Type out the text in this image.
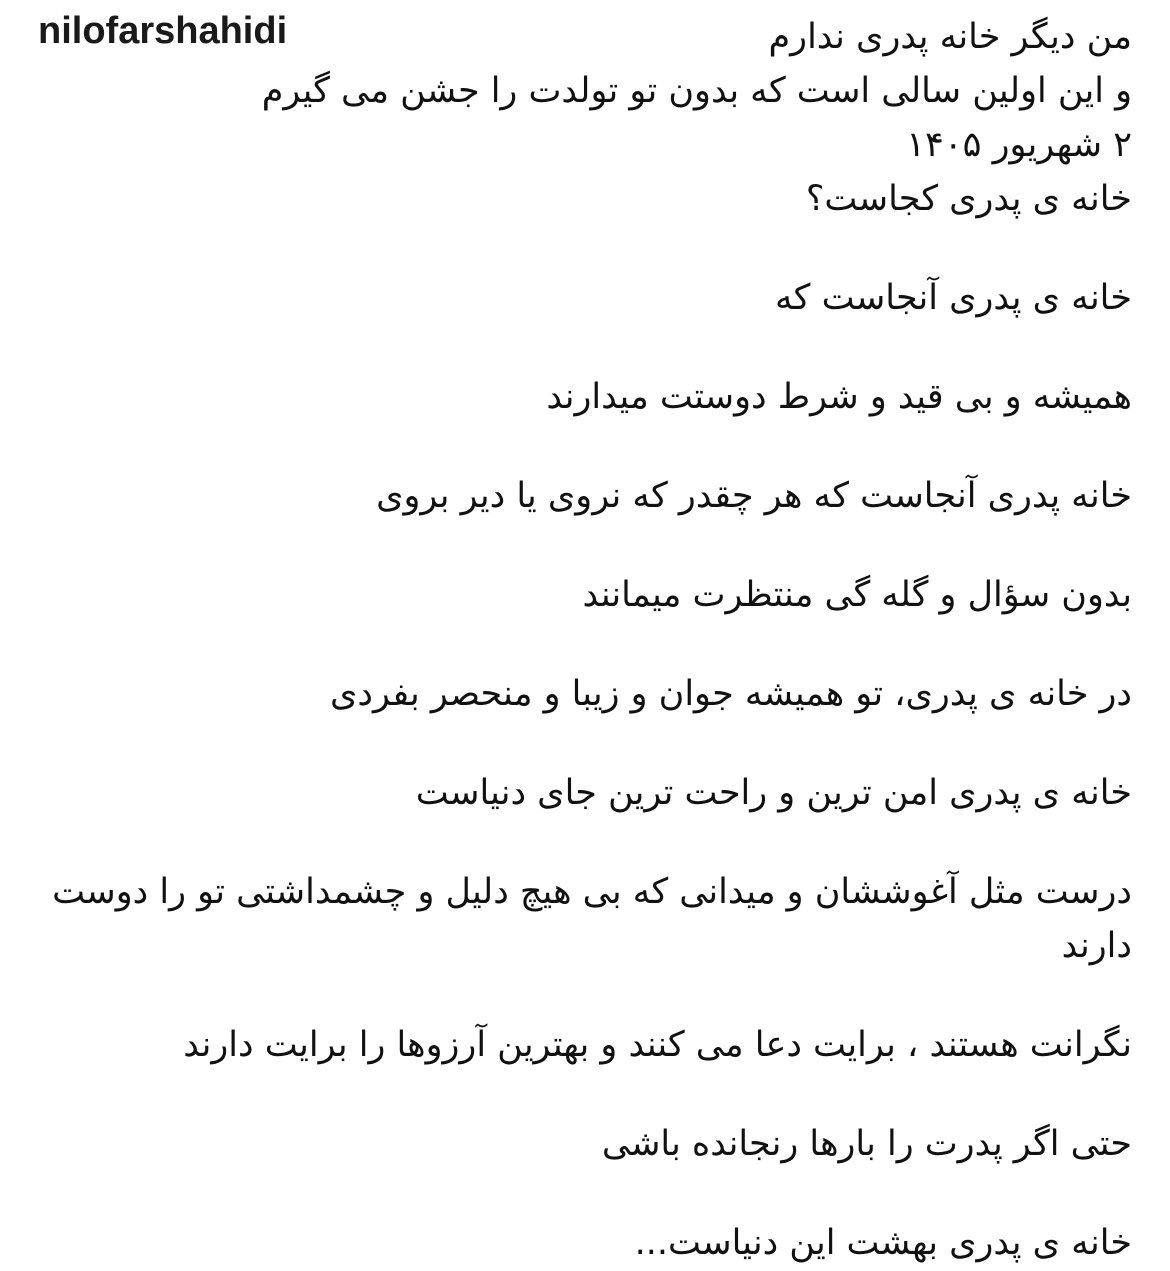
nilofarshahidi	من دیگر خانه پدری ندارم
و این اولین سالی است که بدون تو تولدت را جشن می گیرم
۲ شهریور ۱۴۰۵
خانه ی پدری کجاست؟
خانه ی پدری آنجاست که
همیشه و بی قید و شرط دوستت میدارند
خانه پدری آنجاست که هر چقدر که نروی یا دیر بروی
بدون سؤال و گله گی منتظرت میمانند
در خانه ی پدری، تو همیشه جوان و زیبا و منحصر بفردی
خانه ی پدری امن ترین و راحت ترین جای دنیاست
درست مثل آغوششان و میدانی که بی هیچ دلیل و چشمداشتی تو را دوست دارند
نگرانت هستند ، برایت دعا می کنند و بهترین آرزوها را برایت دارند
حتی اگر پدرت را بارها رنجانده باشی
خانه ی پدری بهشت این دنیاست...
